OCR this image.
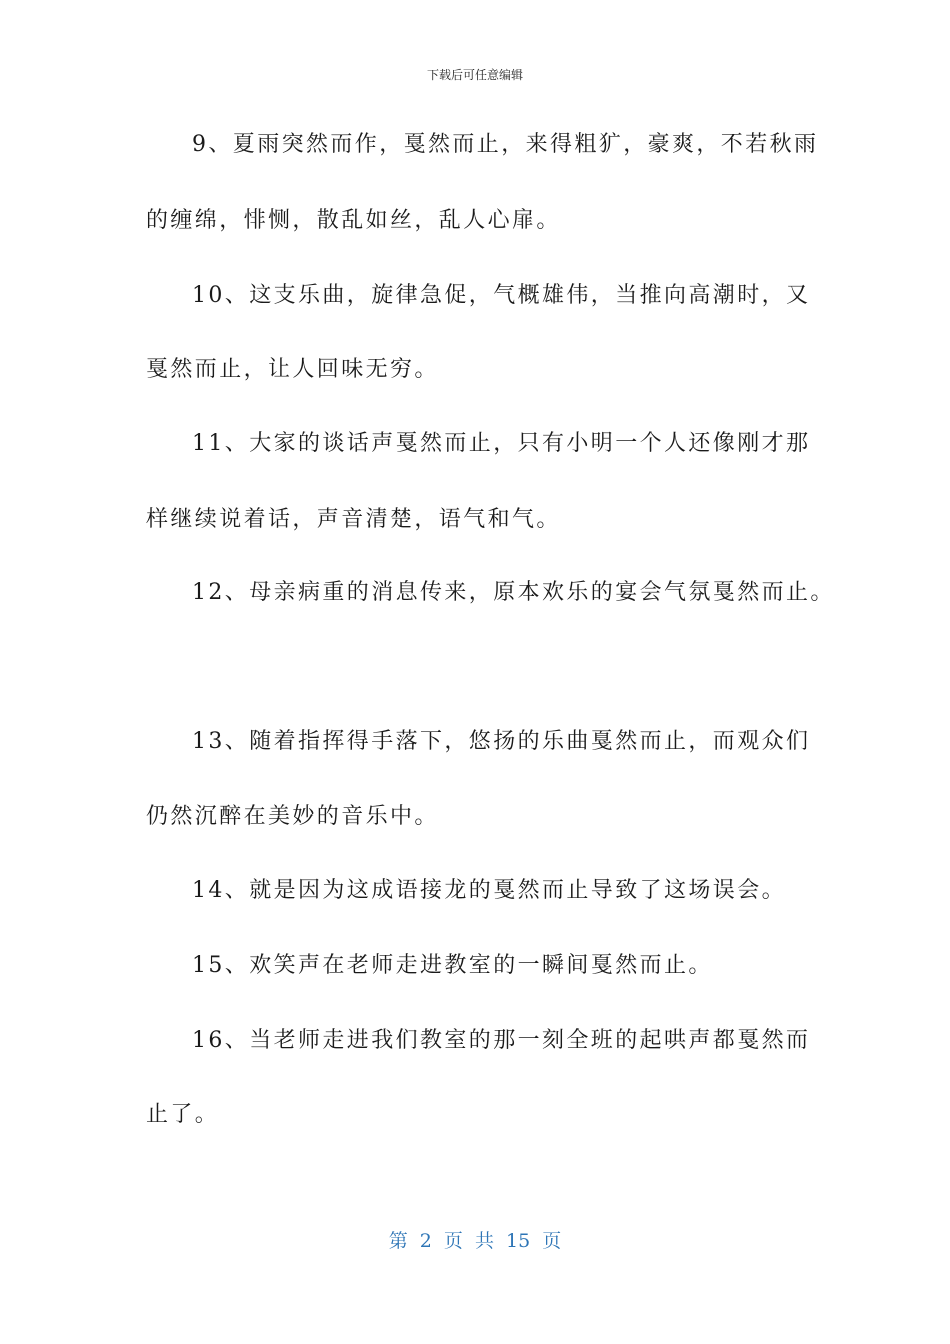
下载后可任意编辑
9、夏雨突然而作，戛然而止，来得粗犷，豪爽，不若秋雨
的缠绵，悱恻，散乱如丝，乱人心扉。
10、这支乐曲，旋律急促，气概雄伟，当推向高潮时，又
戛然而止，让人回味无穷。
11、大家的谈话声戛然而止，只有小明一个人还像刚才那
样继续说着话，声音清楚，语气和气。
12、母亲病重的消息传来，原本欢乐的宴会气氛戛然而止。
13、随着指挥得手落下，悠扬的乐曲戛然而止，而观众们
仍然沉醉在美妙的音乐中。
14、就是因为这成语接龙的戛然而止导致了这场误会。
15、欢笑声在老师走进教室的一瞬间戛然而止。
16、当老师走进我们教室的那一刻全班的起哄声都戛然而
止了。
第 2 页 共 15 页
